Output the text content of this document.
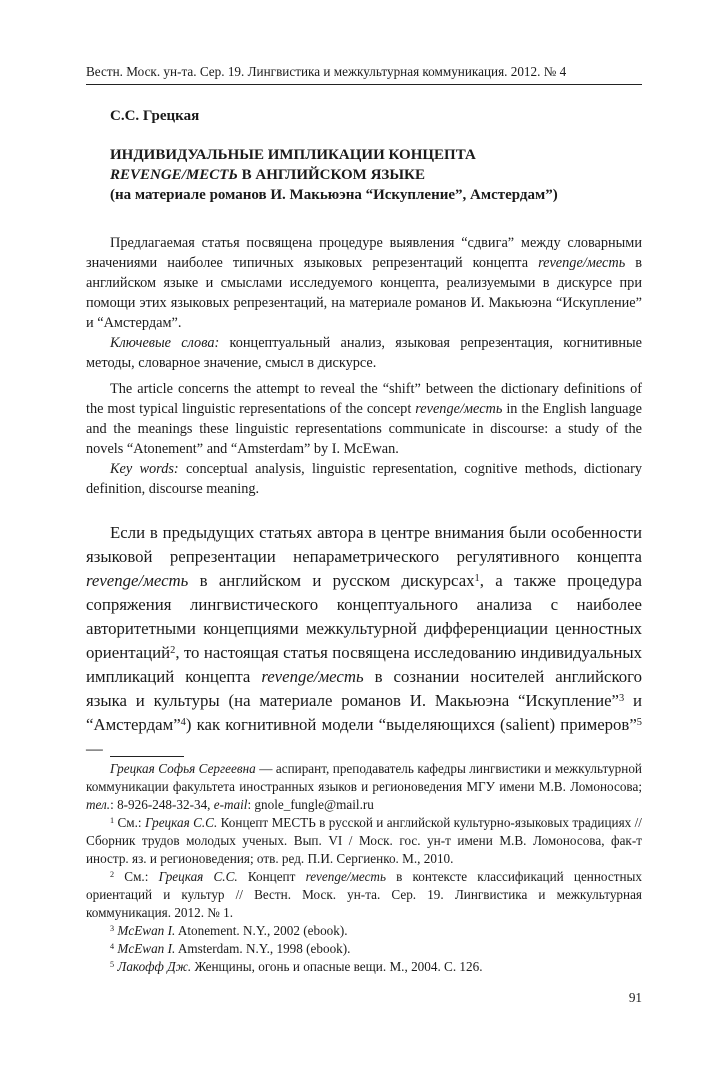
Вестн. Моск. ун-та. Сер. 19. Лингвистика и межкультурная коммуникация. 2012. № 4
С.С. Грецкая
ИНДИВИДУАЛЬНЫЕ ИМПЛИКАЦИИ КОНЦЕПТА
REVENGE/МЕСТЬ В АНГЛИЙСКОМ ЯЗЫКЕ
(на материале романов И. Макьюэна “Искупление”, Амстердам”)

Предлагаемая статья посвящена процедуре выявления “сдвига” между словарными значениями наиболее типичных языковых репрезентаций концепта revenge/месть в английском языке и смыслами исследуемого концепта, реализуемыми в дискурсе при помощи этих языковых репрезентаций, на материале романов И. Макьюэна “Искупление” и “Амстердам”.

Ключевые слова: концептуальный анализ, языковая репрезентация, когнитивные методы, словарное значение, смысл в дискурсе.

The article concerns the attempt to reveal the “shift” between the dictionary definitions of the most typical linguistic representations of the concept revenge/месть in the English language and the meanings these linguistic representations communicate in discourse: a study of the novels “Atonement” and “Amsterdam” by I. McEwan.

Key words: conceptual analysis, linguistic representation, cognitive methods, dictionary definition, discourse meaning.

Если в предыдущих статьях автора в центре внимания были особенности языковой репрезентации непараметрического регулятивного концепта revenge/месть в английском и русском дискурсах$^1$, а также процедура сопряжения лингвистического концептуального анализа с наиболее авторитетными концепциями межкультурной дифференциации ценностных ориентаций$^2$, то настоящая статья посвящена исследованию индивидуальных импликаций концепта revenge/месть в сознании носителей английского языка и культуры (на материале романов И. Макьюэна “Искупление”$^3$ и “Амстердам”$^4$) как когнитивной модели “выделяющихся (salient) примеров”$^5$ —

Грецкая Софья Сергеевна — аспирант, преподаватель кафедры лингвистики и межкультурной коммуникации факультета иностранных языков и регионоведения МГУ имени М.В. Ломоносова; тел.: 8-926-248-32-34, e-mail: gnole_fungle@mail.ru

$^1$ См.: Грецкая С.С. Концепт МЕСТЬ в русской и английской культурно-языковых традициях // Сборник трудов молодых ученых. Вып. VI / Моск. гос. ун-т имени М.В. Ломоносова, фак-т иностр. яз. и регионоведения; отв. ред. П.И. Сергиенко. М., 2010.

$^2$ См.: Грецкая С.С. Концепт revenge/месть в контексте классификаций ценностных ориентаций и культур // Вестн. Моск. ун-та. Сер. 19. Лингвистика и межкультурная коммуникация. 2012. № 1.

$^3$ McEwan I. Atonement. N.Y., 2002 (ebook).

$^4$ McEwan I. Amsterdam. N.Y., 1998 (ebook).

$^5$ Лакофф Дж. Женщины, огонь и опасные вещи. М., 2004. С. 126.

91
